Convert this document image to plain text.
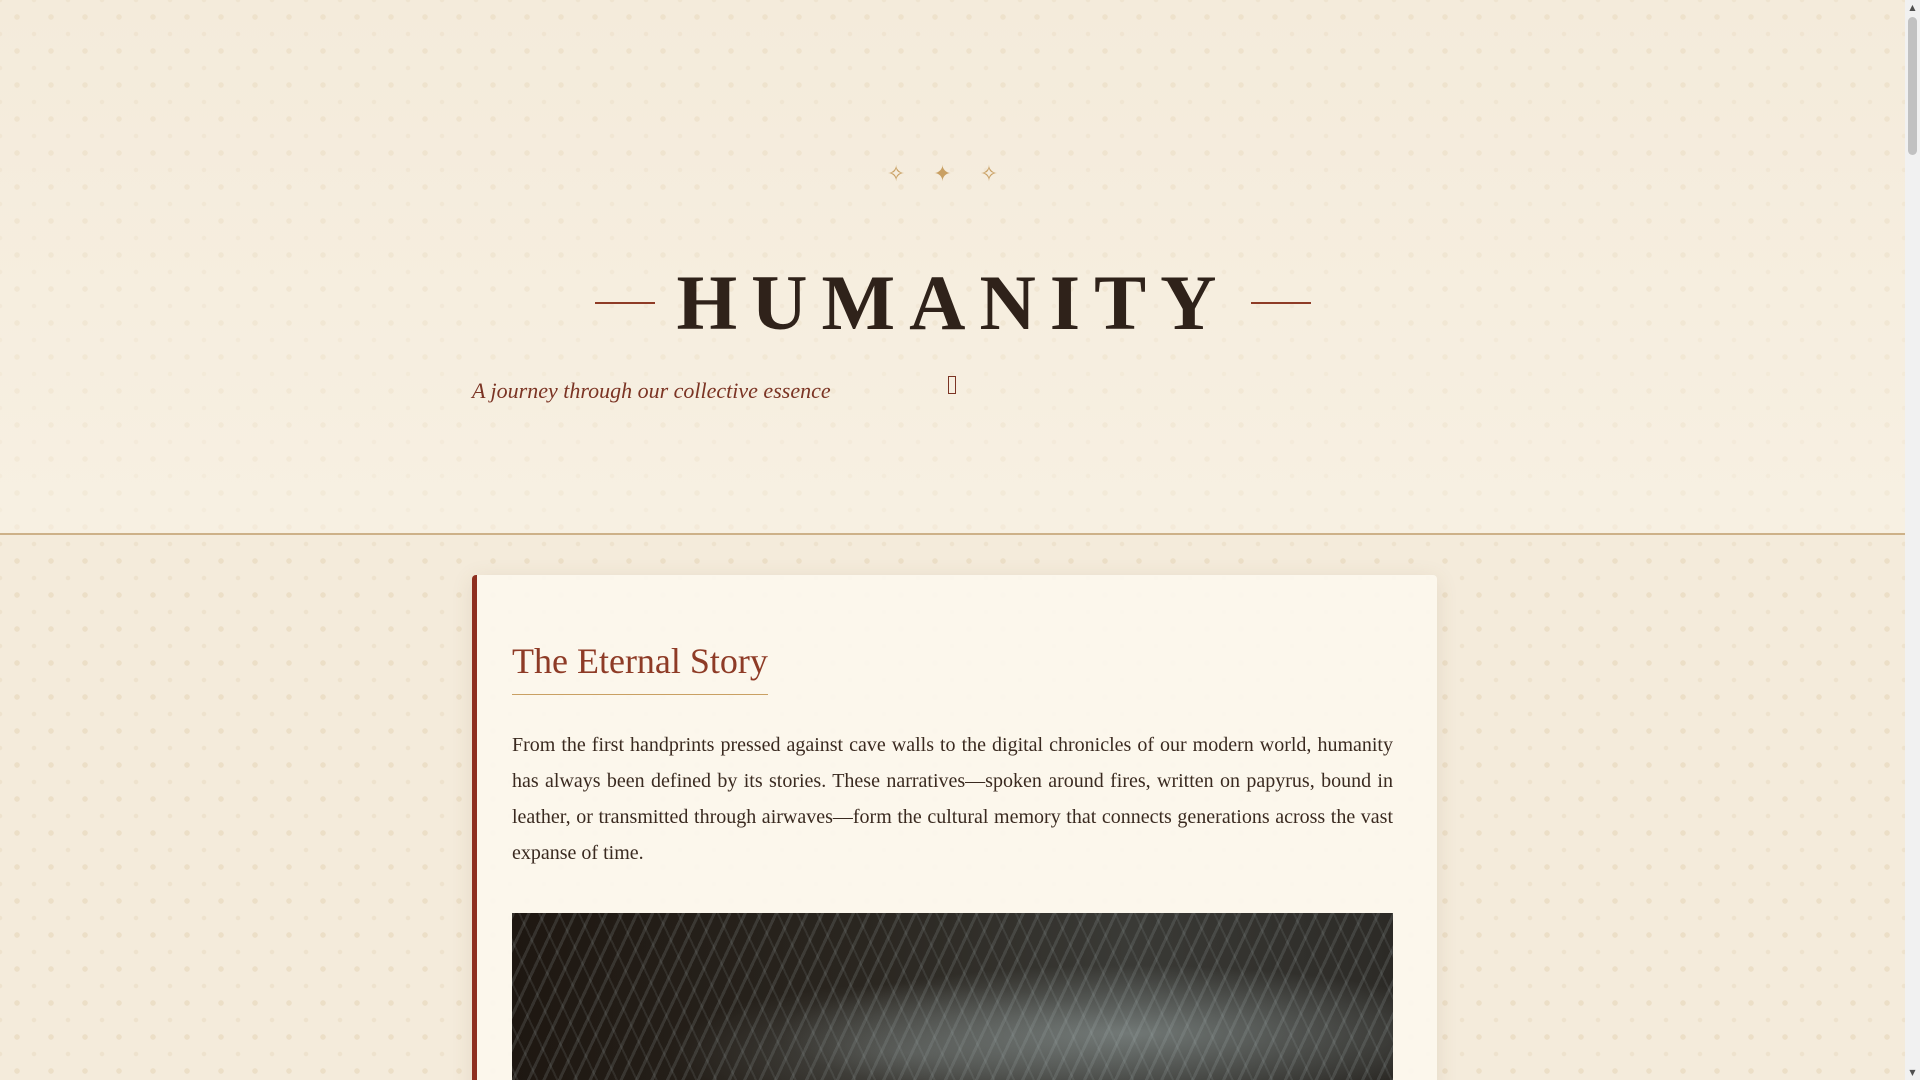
✧ ✦ ✧
HUMANITY
A journey through our collective essence
The Eternal Story

From the first handprints pressed against cave walls to the digital chronicles of our modern world, humanity has always been defined by its stories. These narratives—spoken around fires, written on papyrus, bound in leather, or transmitted through airwaves—form the cultural memory that connects generations across the vast expanse of time.

▲
▼
